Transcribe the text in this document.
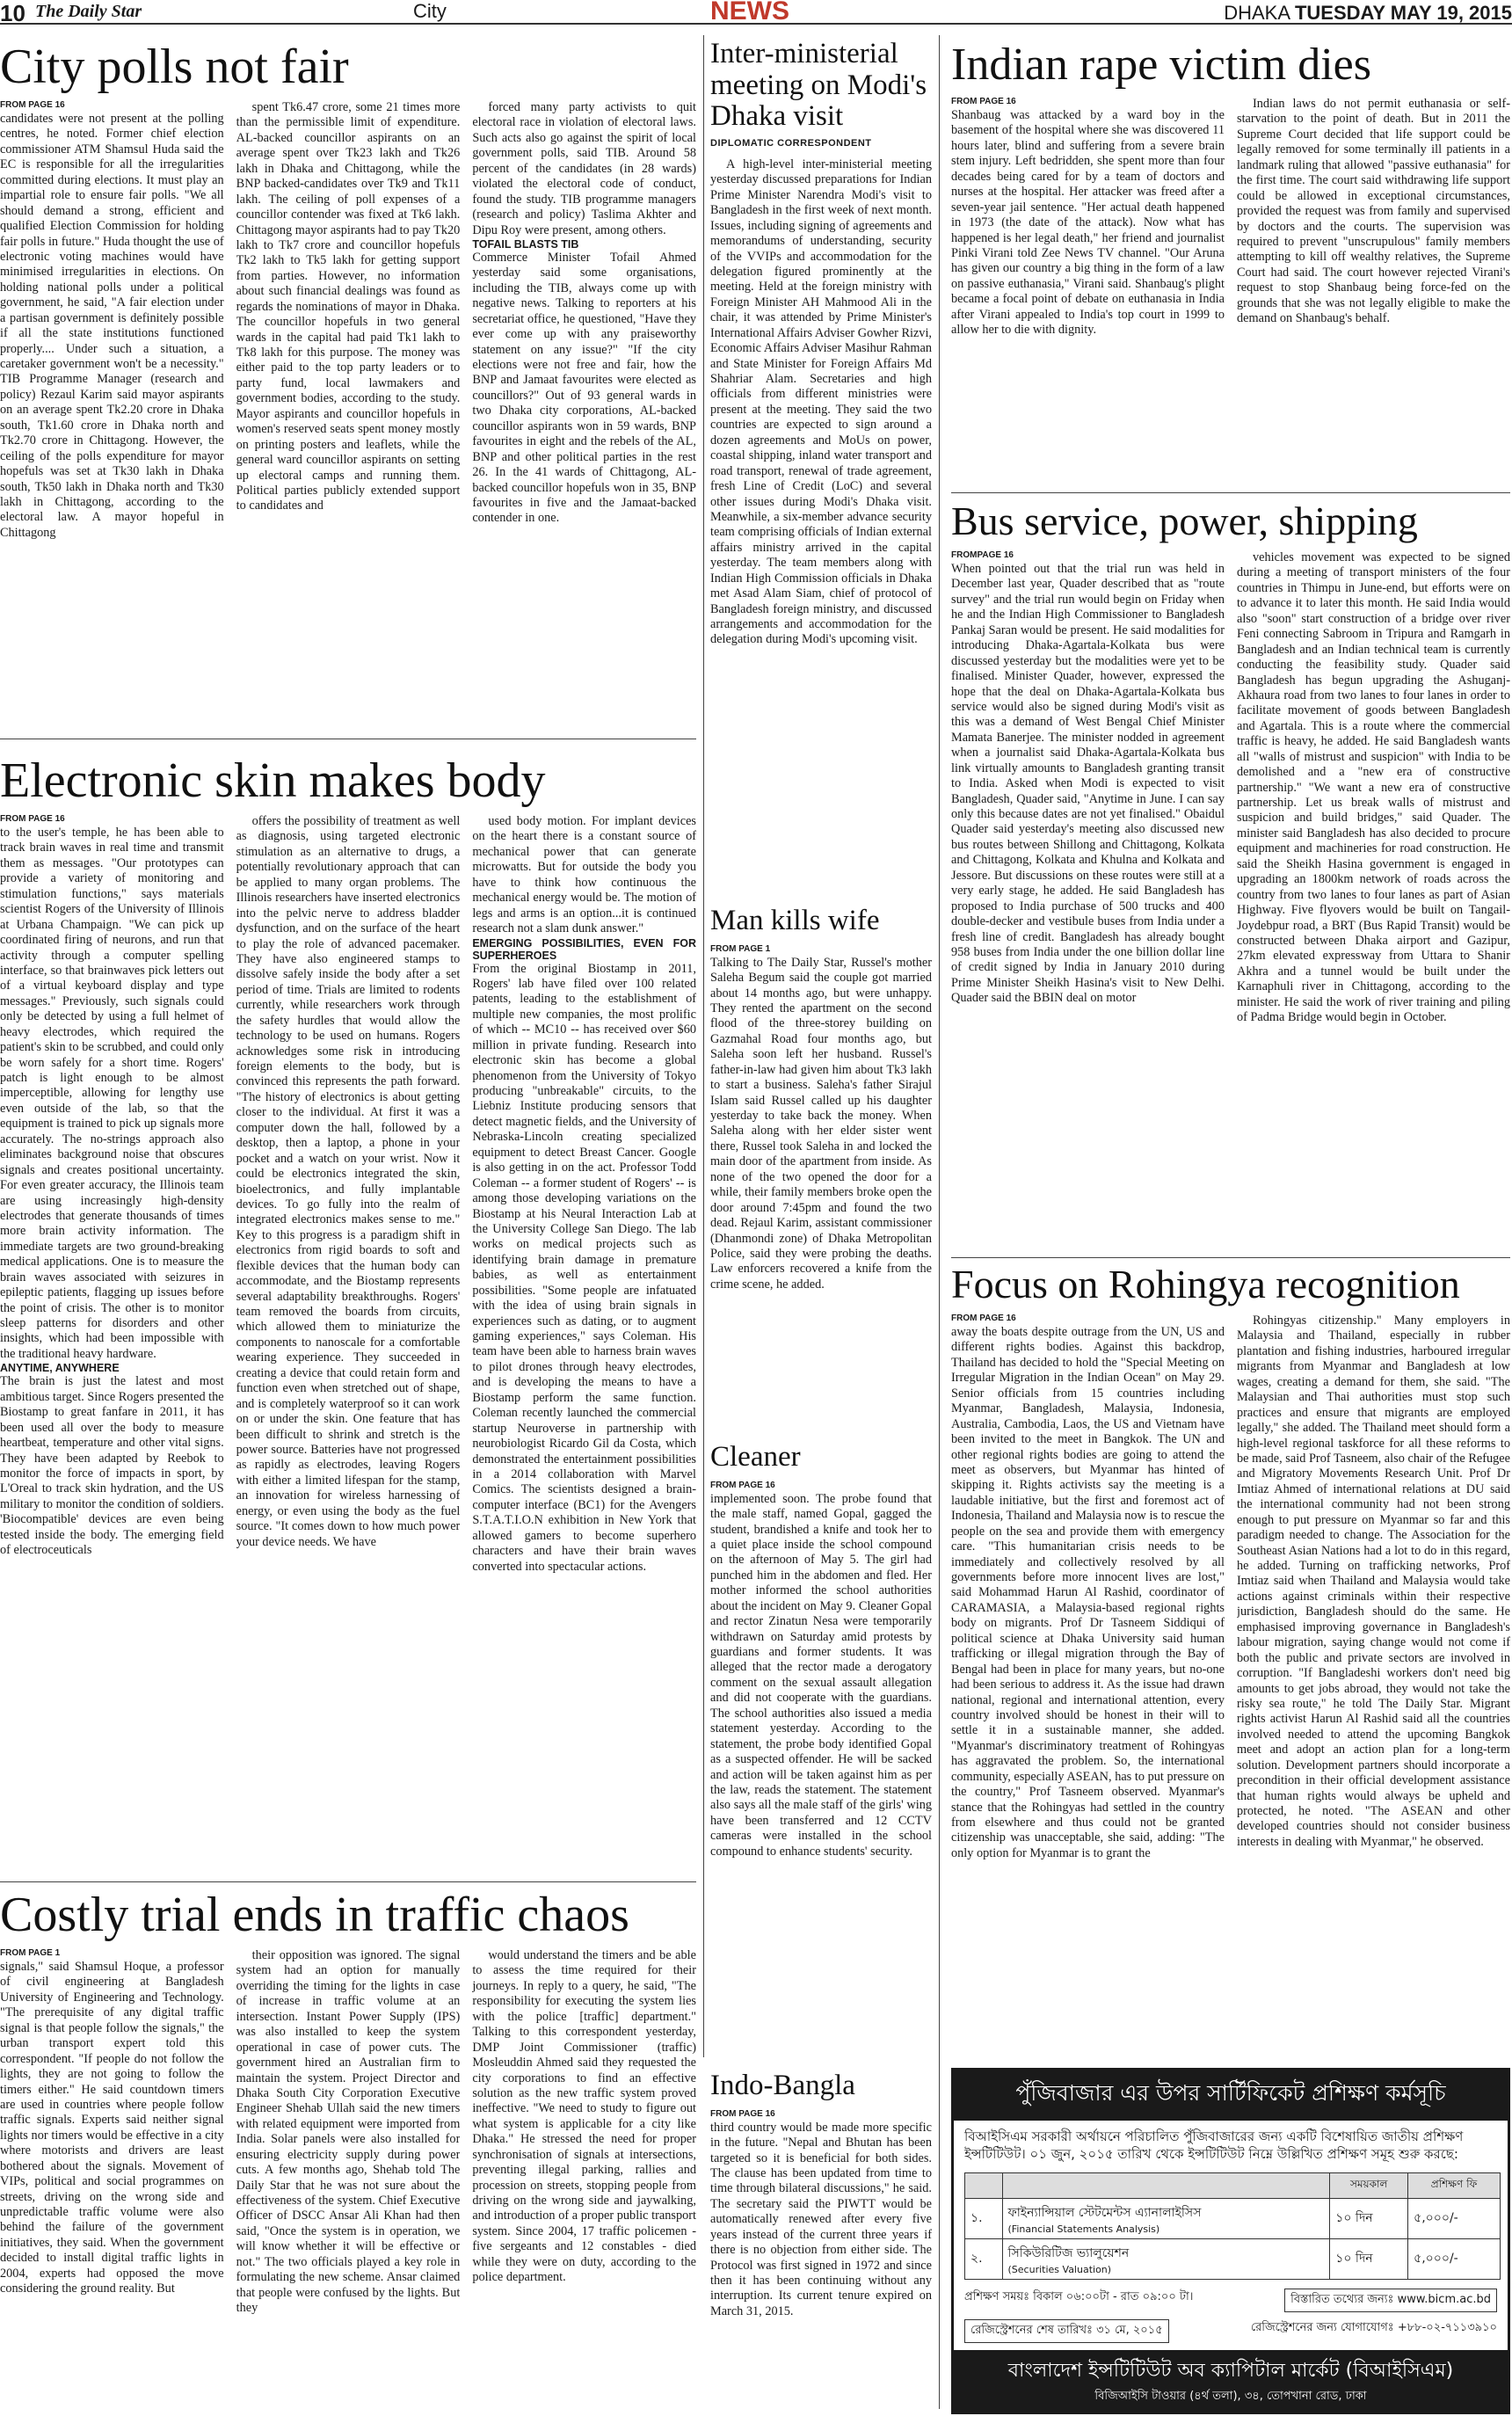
10 The Daily Star	City	NEWS	DHAKA TUESDAY MAY 19, 2015
City polls not fair

FROM PAGE 16
candidates were not present at the polling centres, he noted. Former chief election commissioner ATM Shamsul Huda said the EC is responsible for all the irregularities committed during elections. It must play an impartial role to ensure fair polls. "We all should demand a strong, efficient and qualified Election Commission for holding fair polls in future." Huda thought the use of electronic voting machines would have minimised irregularities in elections. On holding national polls under a political government, he said, "A fair election under a partisan government is definitely possible if all the state institutions functioned properly.... Under such a situation, a caretaker government won't be a necessity." TIB Programme Manager (research and policy) Rezaul Karim said mayor aspirants on an average spent Tk2.20 crore in Dhaka south, Tk1.60 crore in Dhaka north and Tk2.70 crore in Chittagong. However, the ceiling of the polls expenditure for mayor hopefuls was set at Tk30 lakh in Dhaka south, Tk50 lakh in Dhaka north and Tk30 lakh in Chittagong, according to the electoral law. A mayor hopeful in Chittagong

spent Tk6.47 crore, some 21 times more than the permissible limit of expenditure. AL-backed councillor aspirants on an average spent over Tk23 lakh and Tk26 lakh in Dhaka and Chittagong, while the BNP backed-candidates over Tk9 and Tk11 lakh. The ceiling of poll expenses of a councillor contender was fixed at Tk6 lakh. Chittagong mayor aspirants had to pay Tk20 lakh to Tk7 crore and councillor hopefuls Tk2 lakh to Tk5 lakh for getting support from parties. However, no information about such financial dealings was found as regards the nominations of mayor in Dhaka. The councillor hopefuls in two general wards in the capital had paid Tk1 lakh to Tk8 lakh for this purpose. The money was either paid to the top party leaders or to party fund, local lawmakers and government bodies, according to the study. Mayor aspirants and councillor hopefuls in women's reserved seats spent money mostly on printing posters and leaflets, while the general ward councillor aspirants on setting up electoral camps and running them. Political parties publicly extended support to candidates and

forced many party activists to quit electoral race in violation of electoral laws. Such acts also go against the spirit of local government polls, said TIB. Around 58 percent of the candidates (in 28 wards) violated the electoral code of conduct, found the study. TIB programme managers (research and policy) Taslima Akhter and Dipu Roy were present, among others.
TOFAIL BLASTS TIB
Commerce Minister Tofail Ahmed yesterday said some organisations, including the TIB, always come up with negative news. Talking to reporters at his secretariat office, he questioned, "Have they ever come up with any praiseworthy statement on any issue?" "If the city elections were not free and fair, how the BNP and Jamaat favourites were elected as councillors?" Out of 93 general wards in two Dhaka city corporations, AL-backed councillor aspirants won in 59 wards, BNP favourites in eight and the rebels of the AL, BNP and other political parties in the rest 26. In the 41 wards of Chittagong, AL-backed councillor hopefuls won in 35, BNP favourites in five and the Jamaat-backed contender in one.

Electronic skin makes body

FROM PAGE 16
to the user's temple, he has been able to track brain waves in real time and transmit them as messages. "Our prototypes can provide a variety of monitoring and stimulation functions," says materials scientist Rogers of the University of Illinois at Urbana Champaign. "We can pick up coordinated firing of neurons, and run that activity through a computer spelling interface, so that brainwaves pick letters out of a virtual keyboard display and type messages." Previously, such signals could only be detected by using a full helmet of heavy electrodes, which required the patient's skin to be scrubbed, and could only be worn safely for a short time. Rogers' patch is light enough to be almost imperceptible, allowing for lengthy use even outside of the lab, so that the equipment is trained to pick up signals more accurately. The no-strings approach also eliminates background noise that obscures signals and creates positional uncertainty. For even greater accuracy, the Illinois team are using increasingly high-density electrodes that generate thousands of times more brain activity information. The immediate targets are two ground-breaking medical applications. One is to measure the brain waves associated with seizures in epileptic patients, flagging up issues before the point of crisis. The other is to monitor sleep patterns for disorders and other insights, which had been impossible with the traditional heavy hardware.
ANYTIME, ANYWHERE
The brain is just the latest and most ambitious target. Since Rogers presented the Biostamp to great fanfare in 2011, it has been used all over the body to measure heartbeat, temperature and other vital signs. They have been adapted by Reebok to monitor the force of impacts in sport, by L'Oreal to track skin hydration, and the US military to monitor the condition of soldiers. 'Biocompatible' devices are even being tested inside the body. The emerging field of electroceuticals

offers the possibility of treatment as well as diagnosis, using targeted electronic stimulation as an alternative to drugs, a potentially revolutionary approach that can be applied to many organ problems. The Illinois researchers have inserted electronics into the pelvic nerve to address bladder dysfunction, and on the surface of the heart to play the role of advanced pacemaker. They have also engineered stamps to dissolve safely inside the body after a set period of time. Trials are limited to rodents currently, while researchers work through the safety hurdles that would allow the technology to be used on humans. Rogers acknowledges some risk in introducing foreign elements to the body, but is convinced this represents the path forward. "The history of electronics is about getting closer to the individual. At first it was a computer down the hall, followed by a desktop, then a laptop, a phone in your pocket and a watch on your wrist. Now it could be electronics integrated the skin, bioelectronics, and fully implantable devices. To go fully into the realm of integrated electronics makes sense to me." Key to this progress is a paradigm shift in electronics from rigid boards to soft and flexible devices that the human body can accommodate, and the Biostamp represents several adaptability breakthroughs. Rogers' team removed the boards from circuits, which allowed them to miniaturize the components to nanoscale for a comfortable wearing experience. They succeeded in creating a device that could retain form and function even when stretched out of shape, and is completely waterproof so it can work on or under the skin. One feature that has been difficult to shrink and stretch is the power source. Batteries have not progressed as rapidly as electrodes, leaving Rogers with either a limited lifespan for the stamp, an innovation for wireless harnessing of energy, or even using the body as the fuel source. "It comes down to how much power your device needs. We have

used body motion. For implant devices on the heart there is a constant source of mechanical power that can generate microwatts. But for outside the body you have to think how continuous the mechanical energy would be. The motion of legs and arms is an option...it is continued research not a slam dunk answer."
EMERGING POSSIBILITIES, EVEN FOR SUPERHEROES
From the original Biostamp in 2011, Rogers' lab have filed over 100 related patents, leading to the establishment of multiple new companies, the most prolific of which -- MC10 -- has received over $60 million in private funding. Research into electronic skin has become a global phenomenon from the University of Tokyo producing "unbreakable" circuits, to the Liebniz Institute producing sensors that detect magnetic fields, and the University of Nebraska-Lincoln creating specialized equipment to detect Breast Cancer. Google is also getting in on the act. Professor Todd Coleman -- a former student of Rogers' -- is among those developing variations on the Biostamp at his Neural Interaction Lab at the University College San Diego. The lab works on medical projects such as identifying brain damage in premature babies, as well as entertainment possibilities. "Some people are infatuated with the idea of using brain signals in experiences such as dating, or to augment gaming experiences," says Coleman. His team have been able to harness brain waves to pilot drones through heavy electrodes, and is developing the means to have a Biostamp perform the same function. Coleman recently launched the commercial startup Neuroverse in partnership with neurobiologist Ricardo Gil da Costa, which demonstrated the entertainment possibilities in a 2014 collaboration with Marvel Comics. The scientists designed a brain-computer interface (BC1) for the Avengers S.T.A.T.I.O.N exhibition in New York that allowed gamers to become superhero characters and have their brain waves converted into spectacular actions.

Costly trial ends in traffic chaos

FROM PAGE 1
signals," said Shamsul Hoque, a professor of civil engineering at Bangladesh University of Engineering and Technology. "The prerequisite of any digital traffic signal is that people follow the signals," the urban transport expert told this correspondent. "If people do not follow the lights, they are not going to follow the timers either." He said countdown timers are used in countries where people follow traffic signals. Experts said neither signal lights nor timers would be effective in a city where motorists and drivers are least bothered about the signals. Movement of VIPs, political and social programmes on streets, driving on the wrong side and unpredictable traffic volume were also behind the failure of the government initiatives, they said. When the government decided to install digital traffic lights in 2004, experts had opposed the move considering the ground reality. But

their opposition was ignored. The signal system had an option for manually overriding the timing for the lights in case of increase in traffic volume at an intersection. Instant Power Supply (IPS) was also installed to keep the system operational in case of power cuts. The government hired an Australian firm to maintain the system. Project Director and Dhaka South City Corporation Executive Engineer Shehab Ullah said the new timers with related equipment were imported from India. Solar panels were also installed for ensuring electricity supply during power cuts. A few months ago, Shehab told The Daily Star that he was not sure about the effectiveness of the system. Chief Executive Officer of DSCC Ansar Ali Khan had then said, "Once the system is in operation, we will know whether it will be effective or not." The two officials played a key role in formulating the new scheme. Ansar claimed that people were confused by the lights. But they

would understand the timers and be able to assess the time required for their journeys. In reply to a query, he said, "The responsibility for executing the system lies with the police [traffic] department." Talking to this correspondent yesterday, DMP Joint Commissioner (traffic) Mosleuddin Ahmed said they requested the city corporations to find an effective solution as the new traffic system proved ineffective. "We need to study to figure out what system is applicable for a city like Dhaka." He stressed the need for proper synchronisation of signals at intersections, preventing illegal parking, rallies and procession on streets, stopping people from driving on the wrong side and jaywalking, and introduction of a proper public transport system. Since 2004, 17 traffic policemen - five sergeants and 12 constables - died while they were on duty, according to the police department.

Inter-ministerial meeting on Modi's Dhaka visit
DIPLOMATIC CORRESPONDENT

A high-level inter-ministerial meeting yesterday discussed preparations for Indian Prime Minister Narendra Modi's visit to Bangladesh in the first week of next month. Issues, including signing of agreements and memorandums of understanding, security of the VVIPs and accommodation for the delegation figured prominently at the meeting. Held at the foreign ministry with Foreign Minister AH Mahmood Ali in the chair, it was attended by Prime Minister's International Affairs Adviser Gowher Rizvi, Economic Affairs Adviser Masihur Rahman and State Minister for Foreign Affairs Md Shahriar Alam. Secretaries and high officials from different ministries were present at the meeting. They said the two countries are expected to sign around a dozen agreements and MoUs on power, coastal shipping, inland water transport and road transport, renewal of trade agreement, fresh Line of Credit (LoC) and several other issues during Modi's Dhaka visit. Meanwhile, a six-member advance security team comprising officials of Indian external affairs ministry arrived in the capital yesterday. The team members along with Indian High Commission officials in Dhaka met Asad Alam Siam, chief of protocol of Bangladesh foreign ministry, and discussed arrangements and accommodation for the delegation during Modi's upcoming visit.

Man kills wife

FROM PAGE 1
Talking to The Daily Star, Russel's mother Saleha Begum said the couple got married about 14 months ago, but were unhappy. They rented the apartment on the second flood of the three-storey building on Gazmahal Road four months ago, but Saleha soon left her husband. Russel's father-in-law had given him about Tk3 lakh to start a business. Saleha's father Sirajul Islam said Russel called up his daughter yesterday to take back the money. When Saleha along with her elder sister went there, Russel took Saleha in and locked the main door of the apartment from inside. As none of the two opened the door for a while, their family members broke open the door around 7:45pm and found the two dead. Rejaul Karim, assistant commissioner (Dhanmondi zone) of Dhaka Metropolitan Police, said they were probing the deaths. Law enforcers recovered a knife from the crime scene, he added.

Cleaner

FROM PAGE 16
implemented soon. The probe found that the male staff, named Gopal, gagged the student, brandished a knife and took her to a quiet place inside the school compound on the afternoon of May 5. The girl had punched him in the abdomen and fled. Her mother informed the school authorities about the incident on May 9. Cleaner Gopal and rector Zinatun Nesa were temporarily withdrawn on Saturday amid protests by guardians and former students. It was alleged that the rector made a derogatory comment on the sexual assault allegation and did not cooperate with the guardians. The school authorities also issued a media statement yesterday. According to the statement, the probe body identified Gopal as a suspected offender. He will be sacked and action will be taken against him as per the law, reads the statement. The statement also says all the male staff of the girls' wing have been transferred and 12 CCTV cameras were installed in the school compound to enhance students' security.

Indo-Bangla

FROM PAGE 16
third country would be made more specific in the future. "Nepal and Bhutan has been targeted so it is beneficial for both sides. The clause has been updated from time to time through bilateral discussions," he said. The secretary said the PIWTT would be automatically renewed after every five years instead of the current three years if there is no objection from either side. The Protocol was first signed in 1972 and since then it has been continuing without any interruption. Its current tenure expired on March 31, 2015.

Indian rape victim dies

FROM PAGE 16
Shanbaug was attacked by a ward boy in the basement of the hospital where she was discovered 11 hours later, blind and suffering from a severe brain stem injury. Left bedridden, she spent more than four decades being cared for by a team of doctors and nurses at the hospital. Her attacker was freed after a seven-year jail sentence. "Her actual death happened in 1973 (the date of the attack). Now what has happened is her legal death," her friend and journalist Pinki Virani told Zee News TV channel. "Our Aruna has given our country a big thing in the form of a law on passive euthanasia," Virani said. Shanbaug's plight became a focal point of debate on euthanasia in India after Virani appealed to India's top court in 1999 to allow her to die with dignity.

Indian laws do not permit euthanasia or self-starvation to the point of death. But in 2011 the Supreme Court decided that life support could be legally removed for some terminally ill patients in a landmark ruling that allowed "passive euthanasia" for the first time. The court said withdrawing life support could be allowed in exceptional circumstances, provided the request was from family and supervised by doctors and the courts. The supervision was required to prevent "unscrupulous" family members attempting to kill off wealthy relatives, the Supreme Court had said. The court however rejected Virani's request to stop Shanbaug being force-fed on the grounds that she was not legally eligible to make the demand on Shanbaug's behalf.

Bus service, power, shipping

FROMPAGE 16
When pointed out that the trial run was held in December last year, Quader described that as "route survey" and the trial run would begin on Friday when he and the Indian High Commissioner to Bangladesh Pankaj Saran would be present. He said modalities for introducing Dhaka-Agartala-Kolkata bus were discussed yesterday but the modalities were yet to be finalised. Minister Quader, however, expressed the hope that the deal on Dhaka-Agartala-Kolkata bus service would also be signed during Modi's visit as this was a demand of West Bengal Chief Minister Mamata Banerjee. The minister nodded in agreement when a journalist said Dhaka-Agartala-Kolkata bus link virtually amounts to Bangladesh granting transit to India. Asked when Modi is expected to visit Bangladesh, Quader said, "Anytime in June. I can say only this because dates are not yet finalised." Obaidul Quader said yesterday's meeting also discussed new bus routes between Shillong and Chittagong, Kolkata and Chittagong, Kolkata and Khulna and Kolkata and Jessore. But discussions on these routes were still at a very early stage, he added. He said Bangladesh has proposed to India purchase of 500 trucks and 400 double-decker and vestibule buses from India under a fresh line of credit. Bangladesh has already bought 958 buses from India under the one billion dollar line of credit signed by India in January 2010 during Prime Minister Sheikh Hasina's visit to New Delhi. Quader said the BBIN deal on motor

vehicles movement was expected to be signed during a meeting of transport ministers of the four countries in Thimpu in June-end, but efforts were on to advance it to later this month. He said India would also "soon" start construction of a bridge over river Feni connecting Sabroom in Tripura and Ramgarh in Bangladesh and an Indian technical team is currently conducting the feasibility study. Quader said Bangladesh has begun upgrading the Ashuganj-Akhaura road from two lanes to four lanes in order to facilitate movement of goods between Bangladesh and Agartala. This is a route where the commercial traffic is heavy, he added. He said Bangladesh wants all "walls of mistrust and suspicion" with India to be demolished and a "new era of constructive partnership." "We want a new era of constructive partnership. Let us break walls of mistrust and suspicion and build bridges," said Quader. The minister said Bangladesh has also decided to procure equipment and machineries for road construction. He said the Sheikh Hasina government is engaged in upgrading an 1800km network of roads across the country from two lanes to four lanes as part of Asian Highway. Five flyovers would be built on Tangail-Joydebpur road, a BRT (Bus Rapid Transit) would be constructed between Dhaka airport and Gazipur, 27km elevated expressway from Uttara to Shanir Akhra and a tunnel would be built under the Karnaphuli river in Chittagong, according to the minister. He said the work of river training and piling of Padma Bridge would begin in October.

Focus on Rohingya recognition

FROM PAGE 16
away the boats despite outrage from the UN, US and different rights bodies. Against this backdrop, Thailand has decided to hold the "Special Meeting on Irregular Migration in the Indian Ocean" on May 29. Senior officials from 15 countries including Myanmar, Bangladesh, Malaysia, Indonesia, Australia, Cambodia, Laos, the US and Vietnam have been invited to the meet in Bangkok. The UN and other regional rights bodies are going to attend the meet as observers, but Myanmar has hinted of skipping it. Rights activists say the meeting is a laudable initiative, but the first and foremost act of Indonesia, Thailand and Malaysia now is to rescue the people on the sea and provide them with emergency care. "This humanitarian crisis needs to be immediately and collectively resolved by all governments before more innocent lives are lost," said Mohammad Harun Al Rashid, coordinator of CARAMASIA, a Malaysia-based regional rights body on migrants. Prof Dr Tasneem Siddiqui of political science at Dhaka University said human trafficking or illegal migration through the Bay of Bengal had been in place for many years, but no-one had been serious to address it. As the issue had drawn national, regional and international attention, every country involved should be honest in their will to settle it in a sustainable manner, she added. "Myanmar's discriminatory treatment of Rohingyas has aggravated the problem. So, the international community, especially ASEAN, has to put pressure on the country," Prof Tasneem observed. Myanmar's stance that the Rohingyas had settled in the country from elsewhere and thus could not be granted citizenship was unacceptable, she said, adding: "The only option for Myanmar is to grant the

Rohingyas citizenship." Many employers in Malaysia and Thailand, especially in rubber plantation and fishing industries, harboured irregular migrants from Myanmar and Bangladesh at low wages, creating a demand for them, she said. "The Malaysian and Thai authorities must stop such practices and ensure that migrants are employed legally," she added. The Thailand meet should form a high-level regional taskforce for all these reforms to be made, said Prof Tasneem, also chair of the Refugee and Migratory Movements Research Unit. Prof Dr Imtiaz Ahmed of international relations at DU said the international community had not been strong enough to put pressure on Myanmar so far and this paradigm needed to change. The Association for the Southeast Asian Nations had a lot to do in this regard, he added. Turning on trafficking networks, Prof Imtiaz said when Thailand and Malaysia would take actions against criminals within their respective jurisdiction, Bangladesh should do the same. He emphasised improving governance in Bangladesh's labour migration, saying change would not come if both the public and private sectors are involved in corruption. "If Bangladeshi workers don't need big amounts to get jobs abroad, they would not take the risky sea route," he told The Daily Star. Migrant rights activist Harun Al Rashid said all the countries involved needed to attend the upcoming Bangkok meet and adopt an action plan for a long-term solution. Development partners should incorporate a precondition in their official development assistance that human rights would always be upheld and protected, he noted. "The ASEAN and other developed countries should not consider business interests in dealing with Myanmar," he observed.

পুঁজিবাজার এর উপর সার্টিফিকেট প্রশিক্ষণ কর্মসূচি
বিআইসিএম সরকারী অর্থায়নে পরিচালিত পুঁজিবাজারের জন্য একটি বিশেষায়িত জাতীয় প্রশিক্ষণ ইন্সটিটিউট। ০১ জুন, ২০১৫ তারিখ থেকে ইন্সটিটিউট নিম্নে উল্লিখিত প্রশিক্ষণ সমূহ শুরু করছে:
		সময়কাল	প্রশিক্ষণ ফি
১.	ফাইন্যান্সিয়াল স্টেটমেন্টস এ্যানালাইসিস
(Financial Statements Analysis)	১০ দিন	৫,০০০/-
২.	সিকিউরিটিজ ভ্যালুয়েশন
(Securities Valuation)	১০ দিন	৫,০০০/-
প্রশিক্ষণ সময়ঃ বিকাল ০৬:০০টা - রাত ০৯:০০ টা।	বিস্তারিত তথ্যের জন্যঃ www.bicm.ac.bd
রেজিস্ট্রেশনের শেষ তারিখঃ ৩১ মে, ২০১৫	রেজিস্ট্রেশনের জন্য যোগাযোগঃ +৮৮-০২-৭১১৩৯১০
বাংলাদেশ ইন্সটিটিউট অব ক্যাপিটাল মার্কেট (বিআইসিএম)
বিজিআইসি টাওয়ার (৪র্থ তলা), ৩৪, তোপখানা রোড, ঢাকা
